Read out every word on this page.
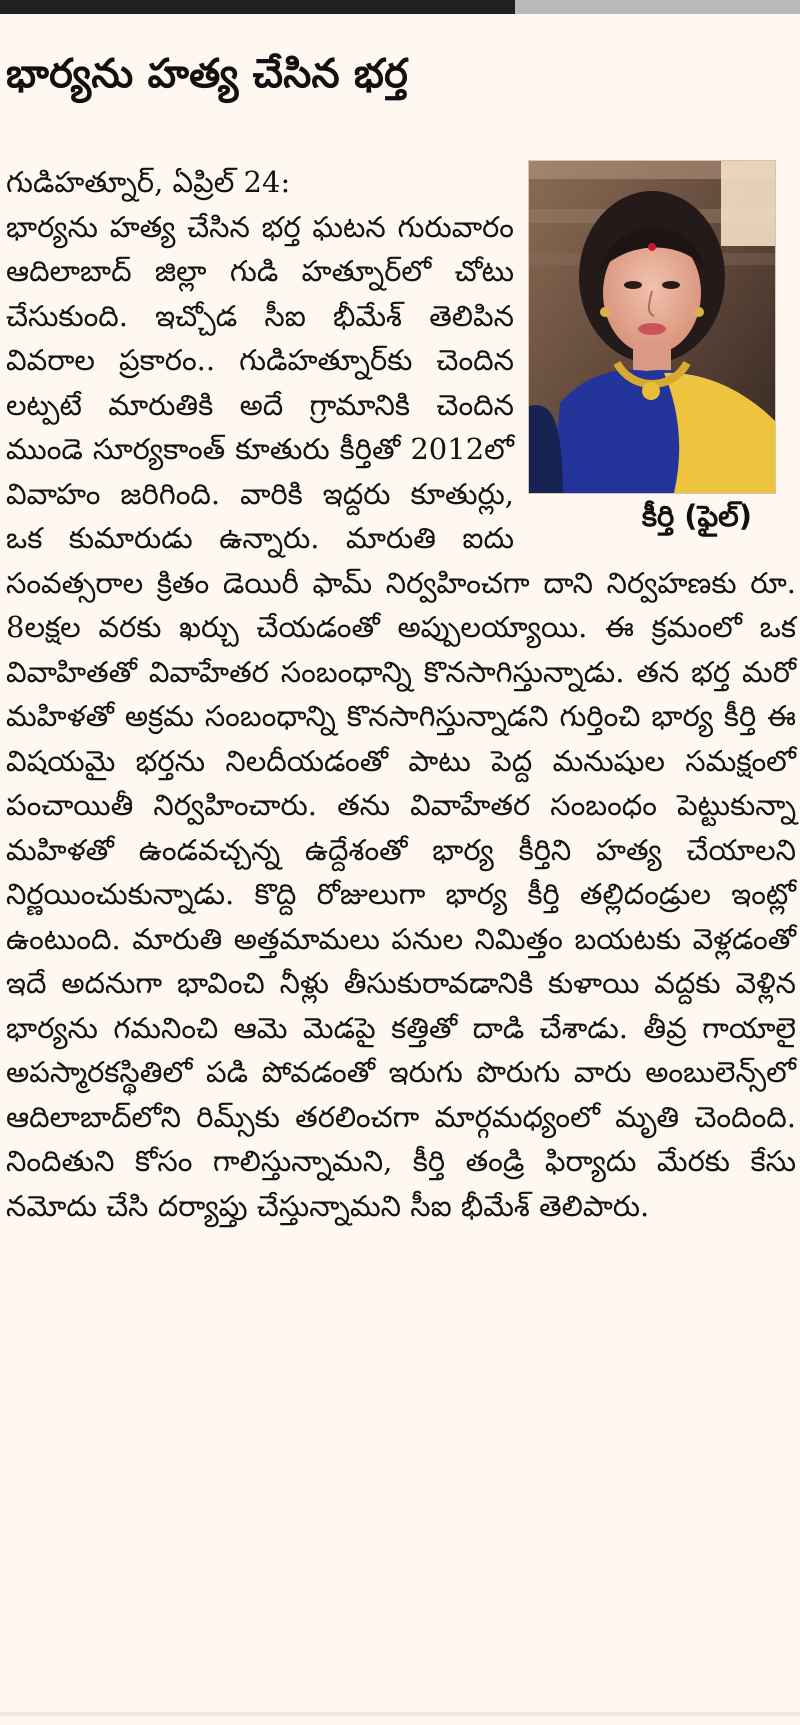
భార్యను హత్య చేసిన భర్త
కీర్తి (ఫైల్)

గుడిహత్నూర్, ఏప్రిల్ 24:
భార్యను హత్య చేసిన భర్త ఘటన గురువారం ఆదిలాబాద్ జిల్లా గుడి హత్నూర్‌లో చోటు చేసుకుంది. ఇచ్చోడ సీఐ భీమేశ్ తెలిపిన వివరాల ప్రకారం.. గుడిహత్నూర్‌కు చెందిన లట్పటే మారుతికి అదే గ్రామానికి చెందిన ముండె సూర్యకాంత్ కూతురు కీర్తితో 2012లో వివాహం జరిగింది. వారికి ఇద్దరు కూతుర్లు, ఒక కుమారుడు ఉన్నారు. మారుతి ఐదు సంవత్సరాల క్రితం డెయిరీ ఫామ్ నిర్వహించగా దాని నిర్వహణకు రూ. 8లక్షల వరకు ఖర్చు చేయడంతో అప్పులయ్యాయి. ఈ క్రమంలో ఒక వివాహితతో వివాహేతర సంబంధాన్ని కొనసాగిస్తున్నాడు. తన భర్త మరో మహిళతో అక్రమ సంబంధాన్ని కొనసాగిస్తున్నాడని గుర్తించి భార్య కీర్తి ఈ విషయమై భర్తను నిలదీయడంతో పాటు పెద్ద మనుషుల సమక్షంలో పంచాయితీ నిర్వహించారు. తను వివాహేతర సంబంధం పెట్టుకున్నా మహిళతో ఉండవచ్చన్న ఉద్దేశంతో భార్య కీర్తిని హత్య చేయాలని నిర్ణయించుకున్నాడు. కొద్ది రోజులుగా భార్య కీర్తి తల్లిదండ్రుల ఇంట్లో ఉంటుంది. మారుతి అత్తమామలు పనుల నిమిత్తం బయటకు వెళ్లడంతో ఇదే అదనుగా భావించి నీళ్లు తీసుకురావడానికి కుళాయి వద్దకు వెళ్లిన భార్యను గమనించి ఆమె మెడపై కత్తితో దాడి చేశాడు. తీవ్ర గాయాలై అపస్మారకస్థితిలో పడి పోవడంతో ఇరుగు పొరుగు వారు అంబులెన్స్‌లో ఆదిలాబాద్‌లోని రిమ్స్‌కు తరలించగా మార్గమధ్యంలో మృతి చెందింది. నిందితుని కోసం గాలిస్తున్నామని, కీర్తి తండ్రి ఫిర్యాదు మేరకు కేసు నమోదు చేసి దర్యాప్తు చేస్తున్నామని సీఐ భీమేశ్ తెలిపారు.
